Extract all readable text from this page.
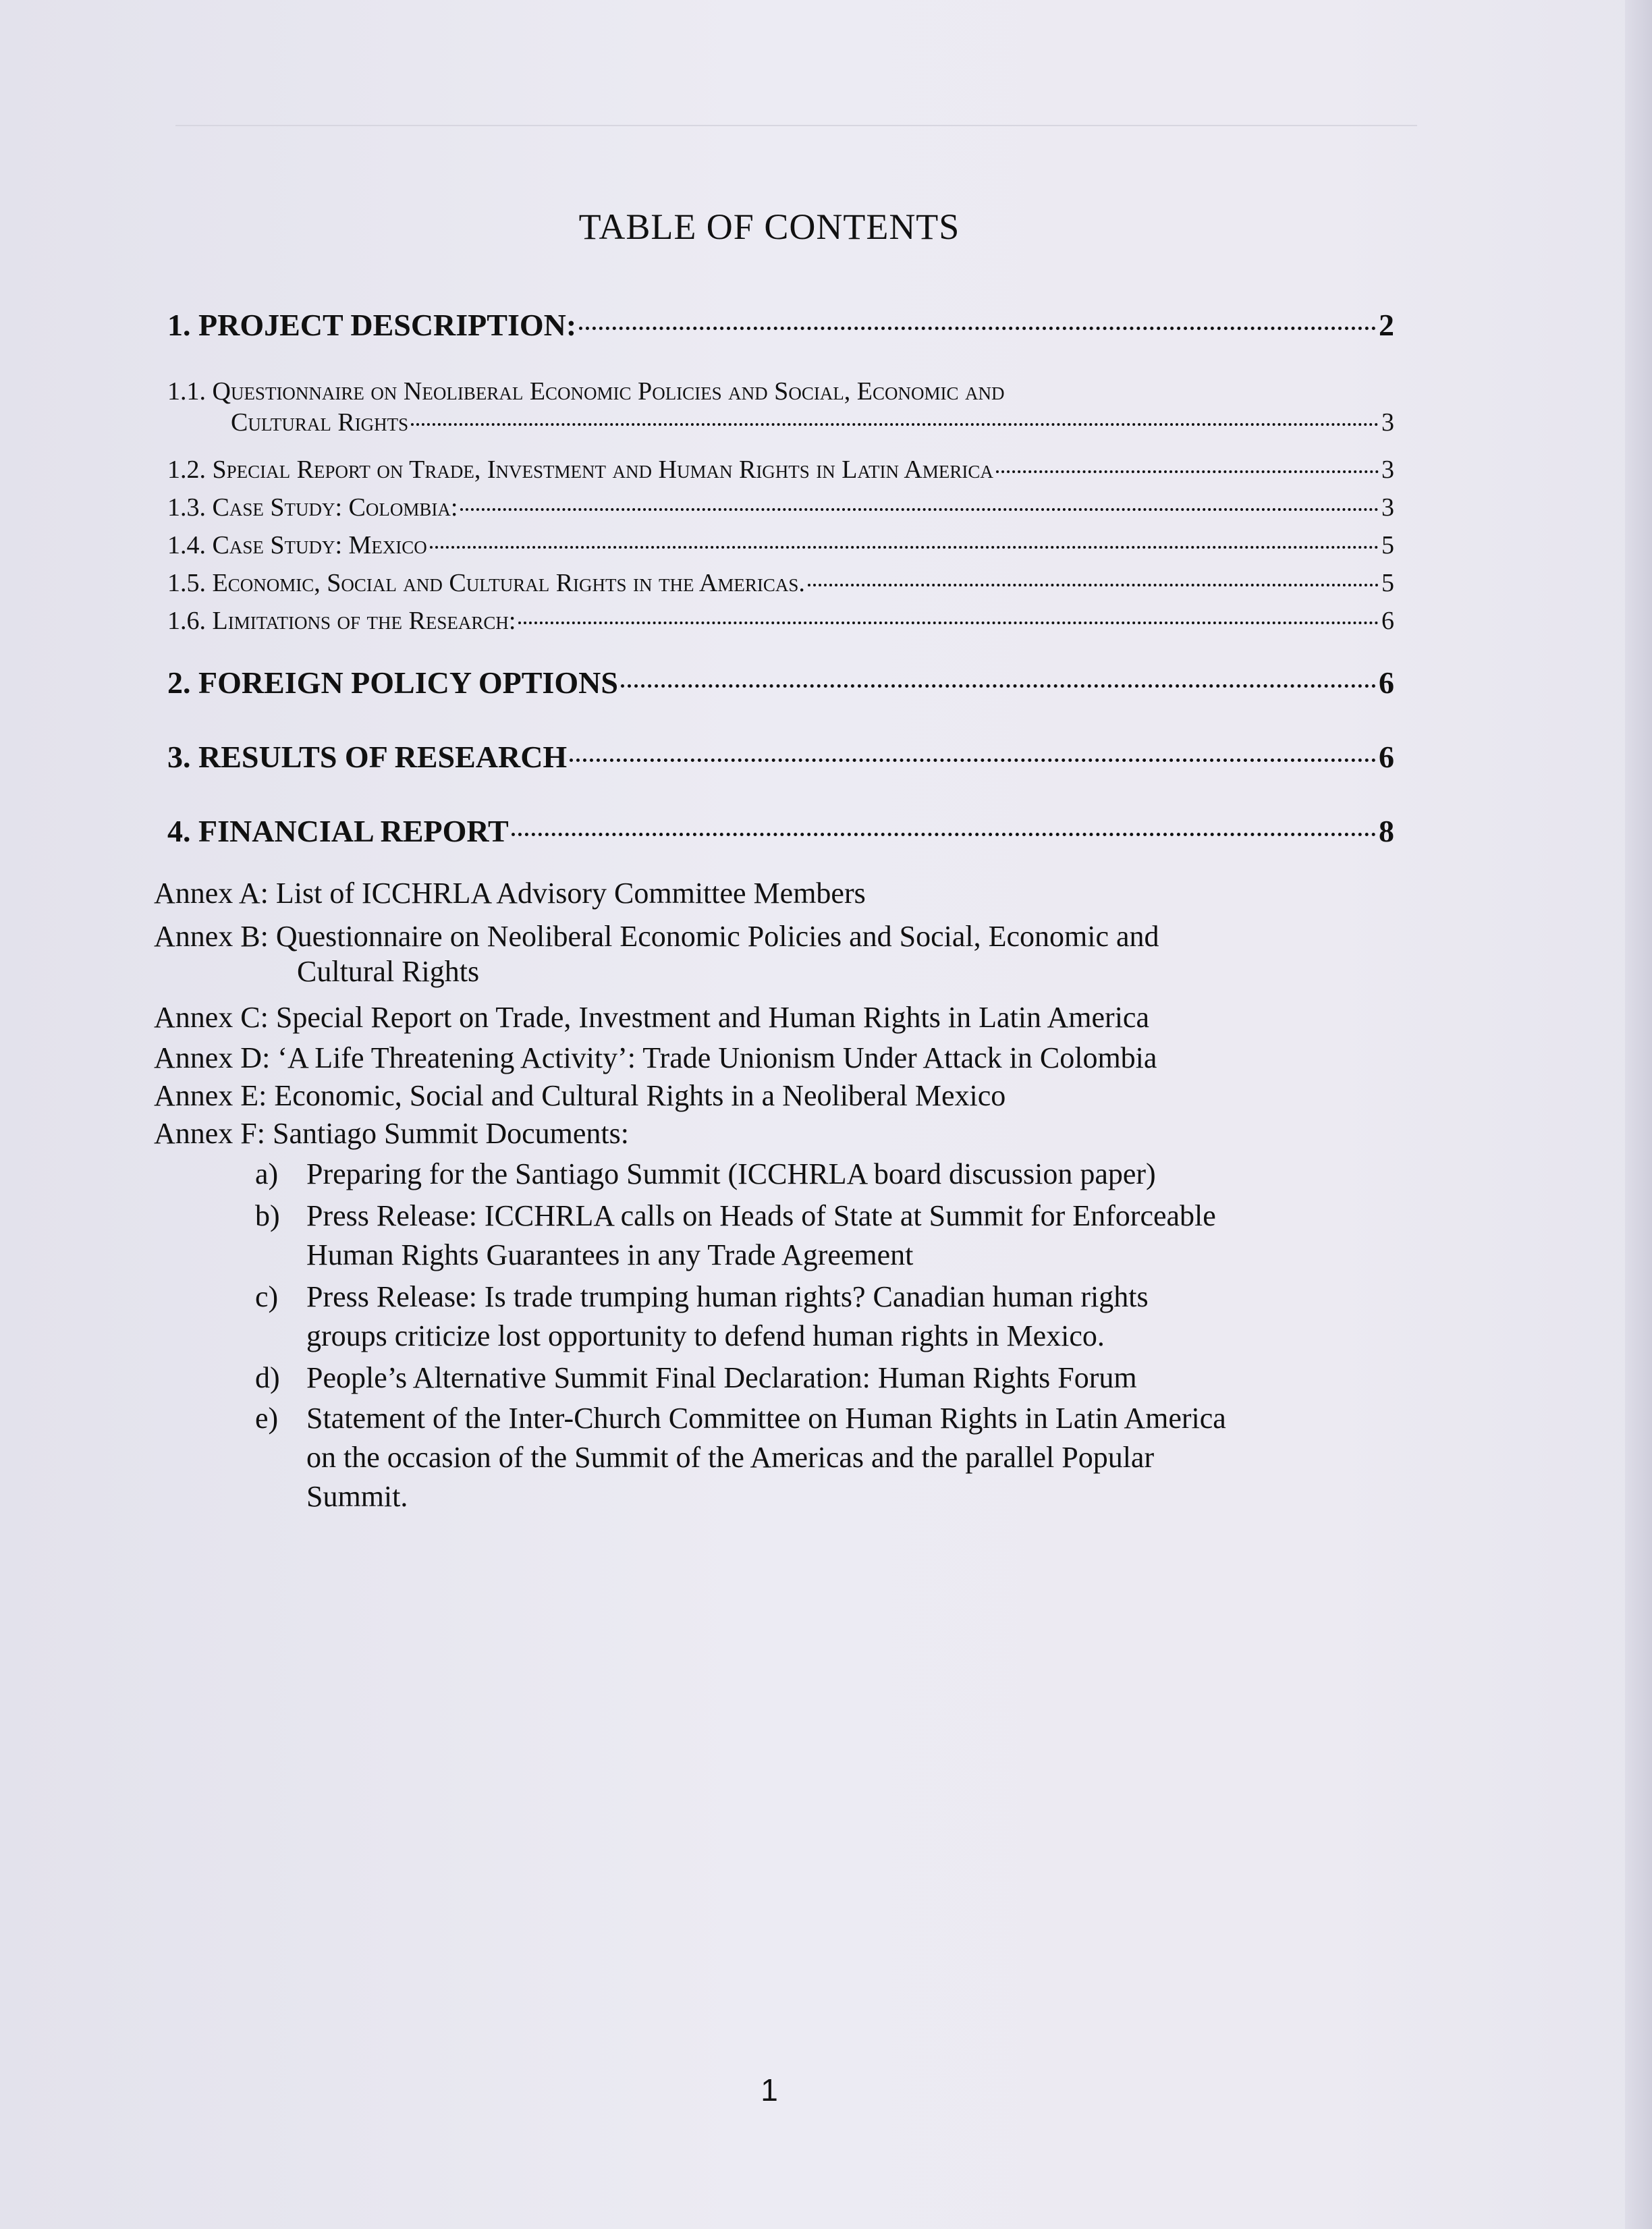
TABLE OF CONTENTS
1. PROJECT DESCRIPTION:	2
1.1. Questionnaire on Neoliberal Economic Policies and Social, Economic and
Cultural Rights	3
1.2. Special Report on Trade, Investment and Human Rights in Latin America	3
1.3. Case Study: Colombia:	3
1.4. Case Study: Mexico	5
1.5. Economic, Social and Cultural Rights in the Americas.	5
1.6. Limitations of the Research:	6
2. FOREIGN POLICY OPTIONS	6
3. RESULTS OF RESEARCH	6
4. FINANCIAL REPORT	8
Annex A: List of ICCHRLA Advisory Committee Members
Annex B: Questionnaire on Neoliberal Economic Policies and Social, Economic and
Cultural Rights
Annex C: Special Report on Trade, Investment and Human Rights in Latin America
Annex D: ‘A Life Threatening Activity’: Trade Unionism Under Attack in Colombia
Annex E: Economic, Social and Cultural Rights in a Neoliberal Mexico
Annex F: Santiago Summit Documents:
a) Preparing for the Santiago Summit (ICCHRLA board discussion paper)
b) Press Release: ICCHRLA calls on Heads of State at Summit for Enforceable
Human Rights Guarantees in any Trade Agreement
c) Press Release: Is trade trumping human rights? Canadian human rights
groups criticize lost opportunity to defend human rights in Mexico.
d) People’s Alternative Summit Final Declaration: Human Rights Forum
e) Statement of the Inter-Church Committee on Human Rights in Latin America
on the occasion of the Summit of the Americas and the parallel Popular
Summit.
1
